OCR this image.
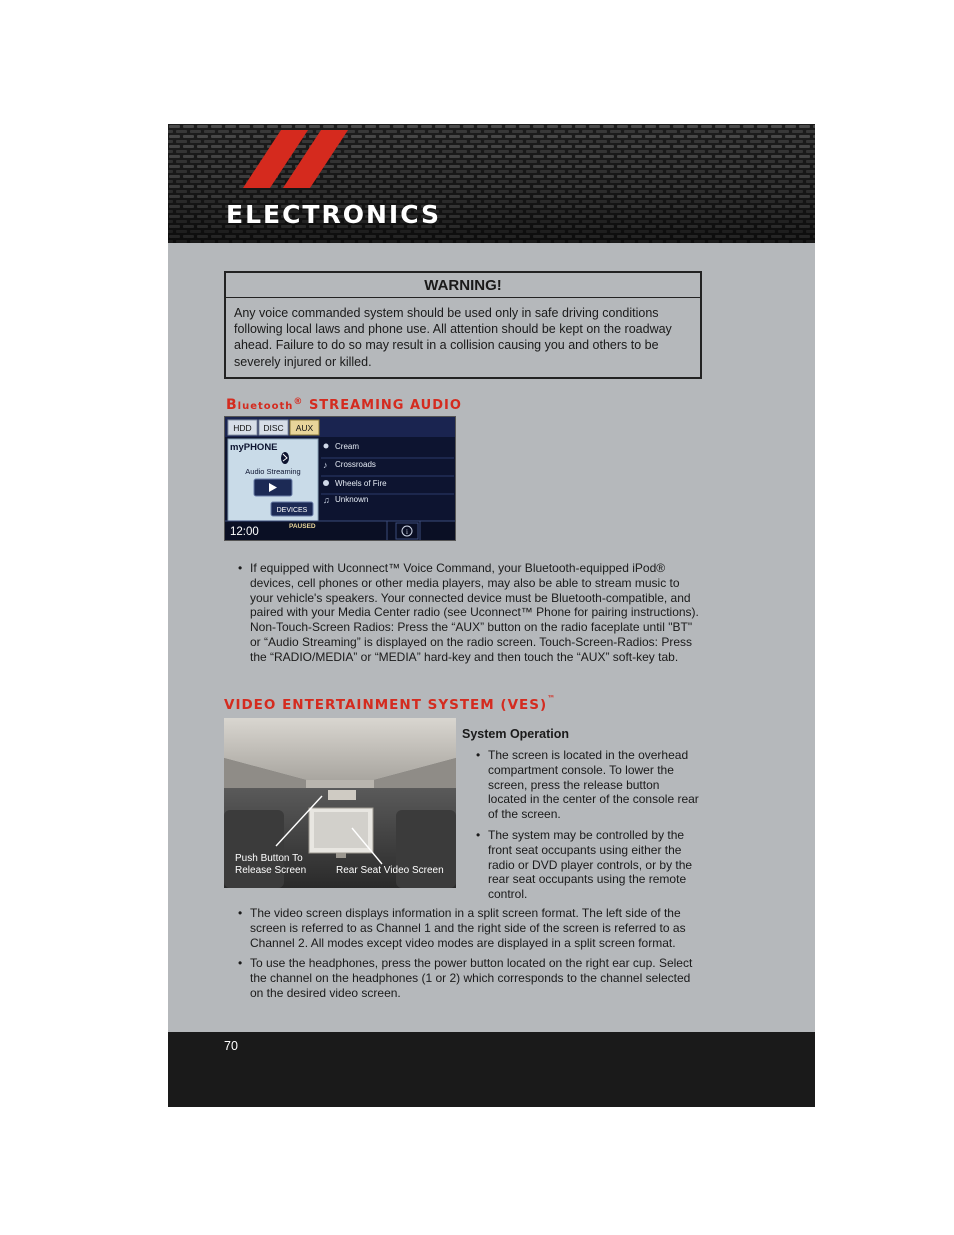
ELECTRONICS
WARNING!
Any voice commanded system should be used only in safe driving conditions following local laws and phone use. All attention should be kept on the roadway ahead. Failure to do so may result in a collision causing you and others to be severely injured or killed.
Bluetooth® STREAMING AUDIO
HDD DISC AUX
myPHONE
Audio Streaming
DEVICES
Cream
♪ Crossroads
Wheels of Fire
♫ Unknown
12:00	PAUSED
i
• If equipped with Uconnect™ Voice Command, your Bluetooth-equipped iPod® devices, cell phones or other media players, may also be able to stream music to your vehicle's speakers. Your connected device must be Bluetooth-compatible, and paired with your Media Center radio (see Uconnect™ Phone for pairing instructions). Non-Touch-Screen Radios: Press the “AUX” button on the radio faceplate until "BT" or “Audio Streaming” is displayed on the radio screen. Touch-Screen-Radios: Press the “RADIO/MEDIA” or “MEDIA” hard-key and then touch the “AUX” soft-key tab.
VIDEO ENTERTAINMENT SYSTEM (VES)™
Push Button To
Release Screen	Rear Seat Video Screen
System Operation
• The screen is located in the overhead compartment console. To lower the screen, press the release button located in the center of the console rear of the screen.
• The system may be controlled by the front seat occupants using either the radio or DVD player controls, or by the rear seat occupants using the remote control.
• The video screen displays information in a split screen format. The left side of the screen is referred to as Channel 1 and the right side of the screen is referred to as Channel 2. All modes except video modes are displayed in a split screen format.
• To use the headphones, press the power button located on the right ear cup. Select the channel on the headphones (1 or 2) which corresponds to the channel selected on the desired video screen.
70
